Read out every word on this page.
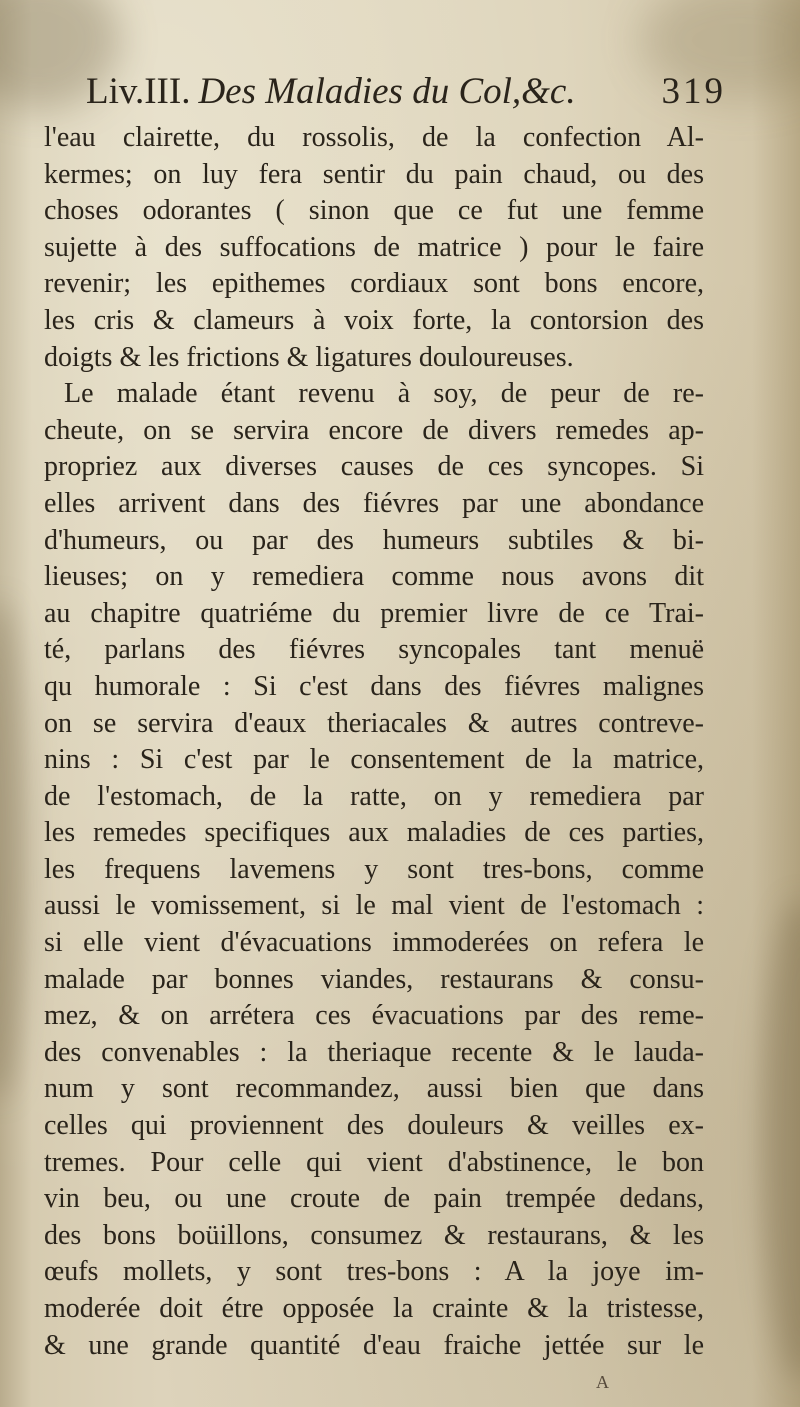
Liv.III. Des Maladies du Col,&c. 319
l'eau clairette, du rossolis, de la confection Al-
kermes; on luy fera sentir du pain chaud, ou des
choses odorantes ( sinon que ce fut une femme
sujette à des suffocations de matrice ) pour le faire
revenir; les epithemes cordiaux sont bons encore,
les cris & clameurs à voix forte, la contorsion des
doigts & les frictions & ligatures douloureuses.
Le malade étant revenu à soy, de peur de re-
cheute, on se servira encore de divers remedes ap-
propriez aux diverses causes de ces syncopes. Si
elles arrivent dans des fiévres par une abondance
d'humeurs, ou par des humeurs subtiles & bi-
lieuses; on y remediera comme nous avons dit
au chapitre quatriéme du premier livre de ce Trai-
té, parlans des fiévres syncopales tant menuë
qu humorale : Si c'est dans des fiévres malignes
on se servira d'eaux theriacales & autres contreve-
nins : Si c'est par le consentement de la matrice,
de l'estomach, de la ratte, on y remediera par
les remedes specifiques aux maladies de ces parties,
les frequens lavemens y sont tres-bons, comme
aussi le vomissement, si le mal vient de l'estomach :
si elle vient d'évacuations immoderées on refera le
malade par bonnes viandes, restaurans & consu-
mez, & on arrétera ces évacuations par des reme-
des convenables : la theriaque recente & le lauda-
num y sont recommandez, aussi bien que dans
celles qui proviennent des douleurs & veilles ex-
tremes. Pour celle qui vient d'abstinence, le bon
vin beu, ou une croute de pain trempée dedans,
des bons boüillons, consumez & restaurans, & les
œufs mollets, y sont tres-bons : A la joye im-
moderée doit étre opposée la crainte & la tristesse,
& une grande quantité d'eau fraiche jettée sur le
A
